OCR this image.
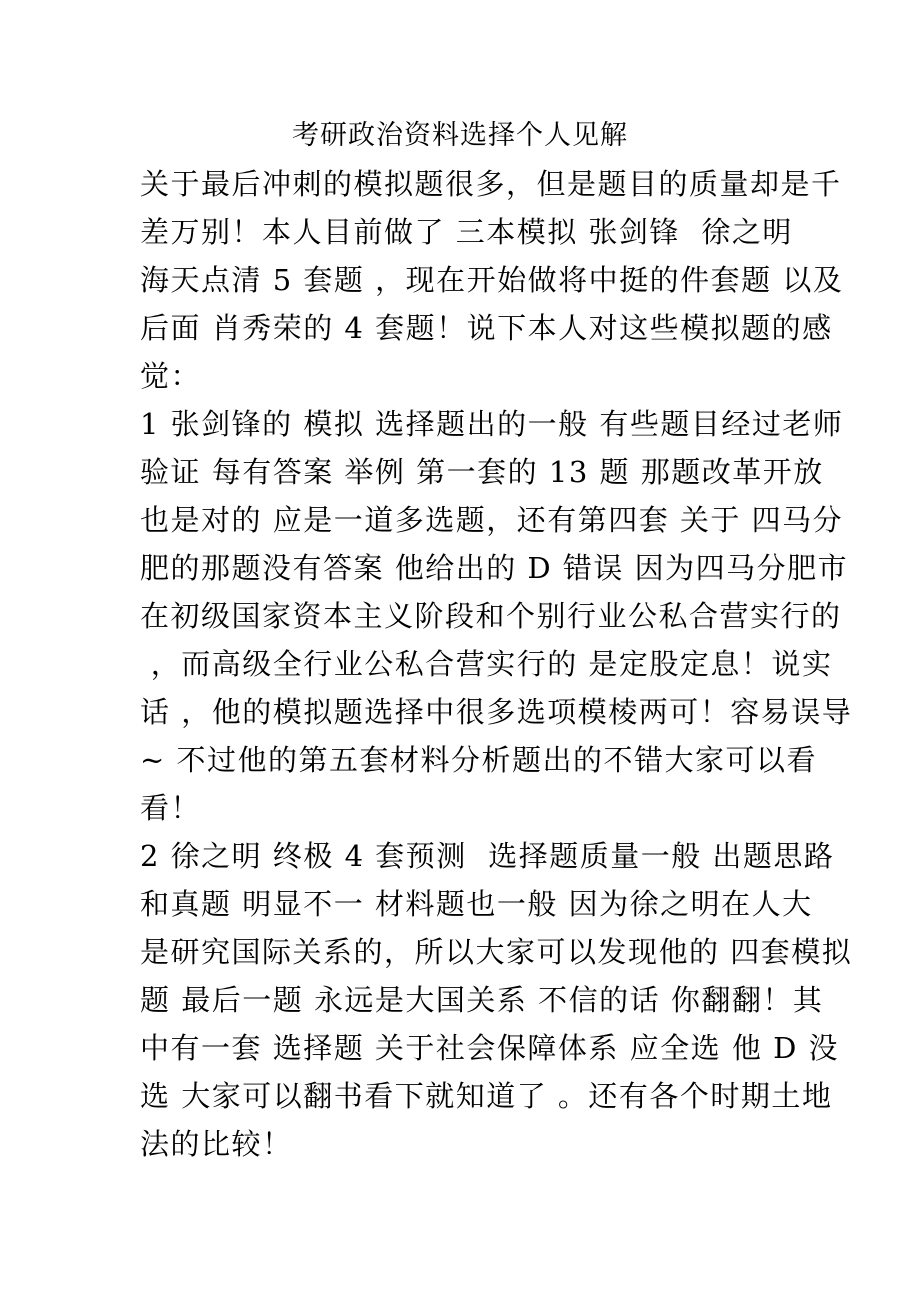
考研政治资料选择个人见解
关于最后冲刺的模拟题很多，但是题目的质量却是千
差万别！本人目前做了 三本模拟 张剑锋  徐之明
海天点清 5 套题 ，现在开始做将中挺的件套题 以及
后面 肖秀荣的 4 套题！说下本人对这些模拟题的感
觉：
1 张剑锋的 模拟 选择题出的一般 有些题目经过老师
验证 每有答案 举例 第一套的 13 题 那题改革开放
也是对的 应是一道多选题，还有第四套 关于 四马分
肥的那题没有答案 他给出的 D 错误 因为四马分肥市
在初级国家资本主义阶段和个别行业公私合营实行的
，而高级全行业公私合营实行的 是定股定息！说实
话 ，他的模拟题选择中很多选项模棱两可！容易误导
~ 不过他的第五套材料分析题出的不错大家可以看
看！
2 徐之明 终极 4 套预测  选择题质量一般 出题思路
和真题 明显不一 材料题也一般 因为徐之明在人大
是研究国际关系的，所以大家可以发现他的 四套模拟
题 最后一题 永远是大国关系 不信的话 你翻翻！其
中有一套 选择题 关于社会保障体系 应全选 他 D 没
选 大家可以翻书看下就知道了 。还有各个时期土地
法的比较！
